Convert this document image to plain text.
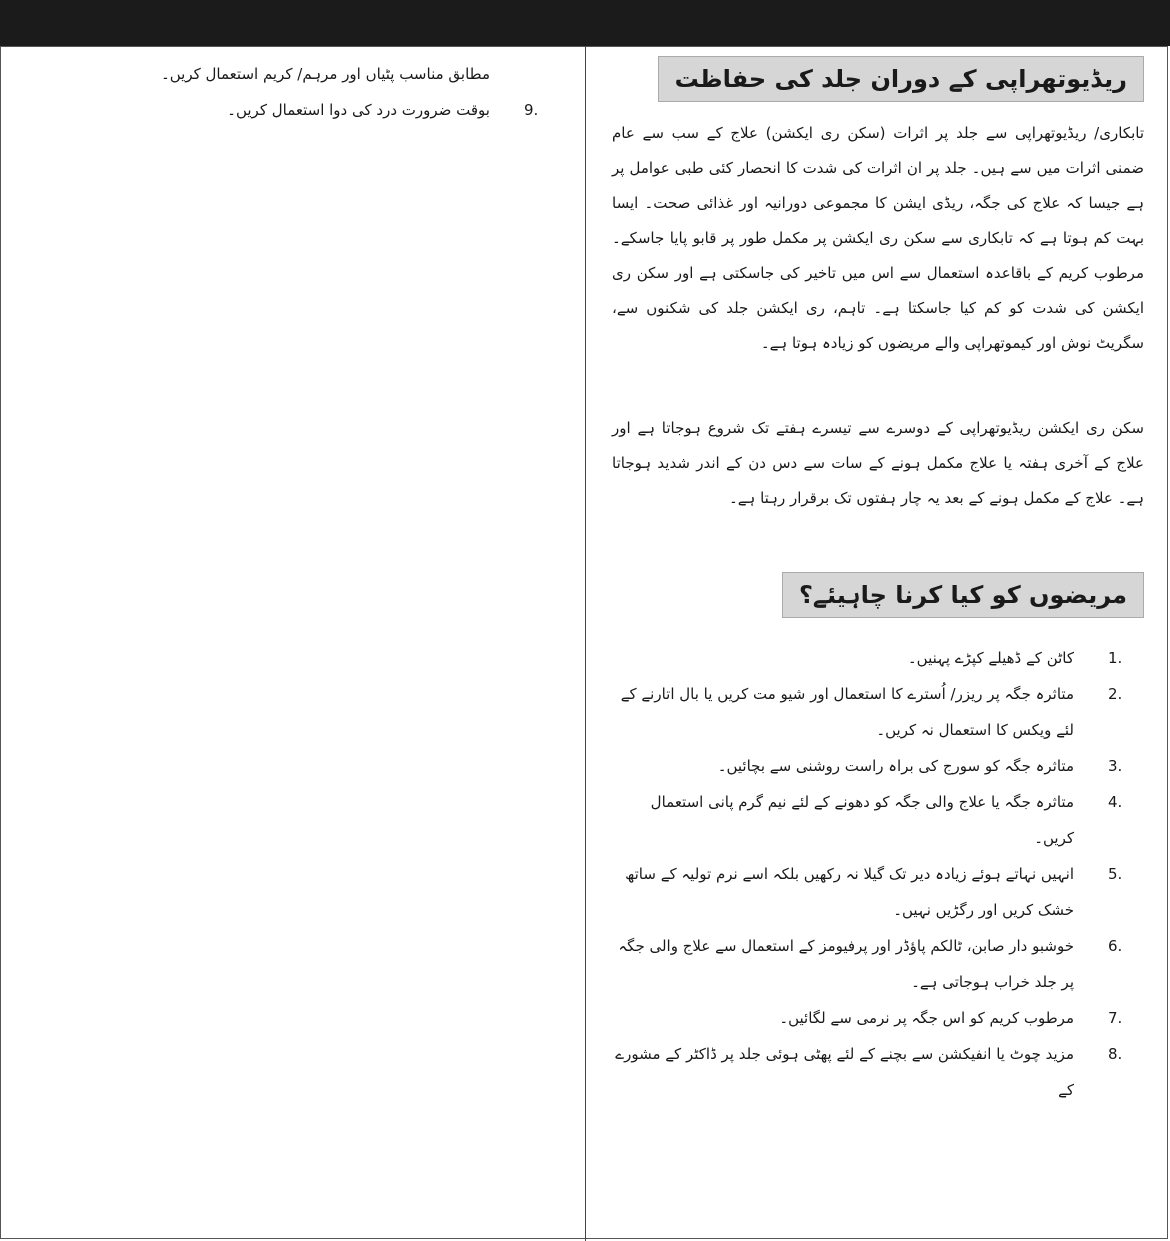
ریڈیوتھراپی کے دوران جلد کی حفاظت

تابکاری/ ریڈیوتھراپی سے جلد پر اثرات (سکن ری ایکشن) علاج کے سب سے عام ضمنی اثرات میں سے ہیں۔ جلد پر ان اثرات کی شدت کا انحصار کئی طبی عوامل پر ہے جیسا کہ علاج کی جگہ، ریڈی ایشن کا مجموعی دورانیہ اور غذائی صحت۔ ایسا بہت کم ہوتا ہے کہ تابکاری سے سکن ری ایکشن پر مکمل طور پر قابو پایا جاسکے۔ مرطوب کریم کے باقاعدہ استعمال سے اس میں تاخیر کی جاسکتی ہے اور سکن ری ایکشن کی شدت کو کم کیا جاسکتا ہے۔ تاہم، ری ایکشن جلد کی شکنوں سے، سگریٹ نوش اور کیموتھراپی والے مریضوں کو زیادہ ہوتا ہے۔

سکن ری ایکشن ریڈیوتھراپی کے دوسرے سے تیسرے ہفتے تک شروع ہوجاتا ہے اور علاج کے آخری ہفتہ یا علاج مکمل ہونے کے سات سے دس دن کے اندر شدید ہوجاتا ہے۔ علاج کے مکمل ہونے کے بعد یہ چار ہفتوں تک برقرار رہتا ہے۔

مریضوں کو کیا کرنا چاہیئے؟
1.
کاٹن کے ڈھیلے کپڑے پہنیں۔
2.
متاثرہ جگہ پر ریزر/ اُسترے کا استعمال اور شیو مت کریں یا بال اتارنے کے لئے ویکس کا استعمال نہ کریں۔
3.
متاثرہ جگہ کو سورج کی براہ راست روشنی سے بچائیں۔
4.
متاثرہ جگہ یا علاج والی جگہ کو دھونے کے لئے نیم گرم پانی استعمال کریں۔
5.
انہیں نہاتے ہوئے زیادہ دیر تک گیلا نہ رکھیں بلکہ اسے نرم تولیہ کے ساتھ خشک کریں اور رگڑیں نہیں۔
6.
خوشبو دار صابن، ٹالکم پاؤڈر اور پرفیومز کے استعمال سے علاج والی جگہ پر جلد خراب ہوجاتی ہے۔
7.
مرطوب کریم کو اس جگہ پر نرمی سے لگائیں۔
8.
مزید چوٹ یا انفیکشن سے بچنے کے لئے پھٹی ہوئی جلد پر ڈاکٹر کے مشورے کے
مطابق مناسب پٹیاں اور مرہم/ کریم استعمال کریں۔
9.
بوقت ضرورت درد کی دوا استعمال کریں۔
